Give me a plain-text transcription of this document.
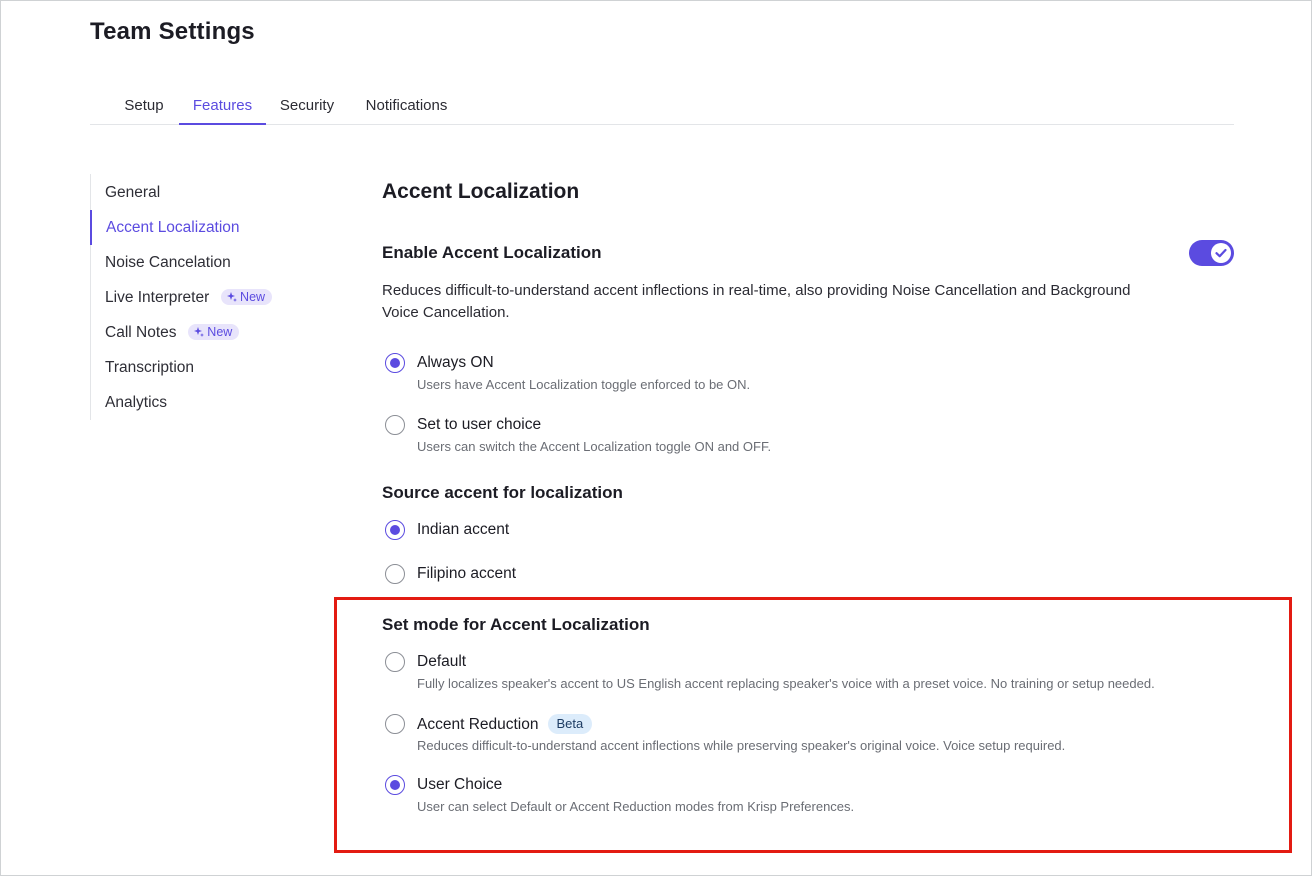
Team Settings
Setup	Features	Security Notifications
General
Accent Localization
Noise Cancelation
Live Interpreter New
Call Notes New
Transcription
Analytics
Accent Localization
Enable Accent Localization
Reduces difficult-to-understand accent inflections in real-time, also providing Noise Cancellation and Background Voice Cancellation.
Always ON
Users have Accent Localization toggle enforced to be ON.
Set to user choice
Users can switch the Accent Localization toggle ON and OFF.
Source accent for localization
Indian accent
Filipino accent
Set mode for Accent Localization
Default
Fully localizes speaker's accent to US English accent replacing speaker's voice with a preset voice. No training or setup needed.
Accent Reduction Beta
Reduces difficult-to-understand accent inflections while preserving speaker's original voice. Voice setup required.
User Choice
User can select Default or Accent Reduction modes from Krisp Preferences.
